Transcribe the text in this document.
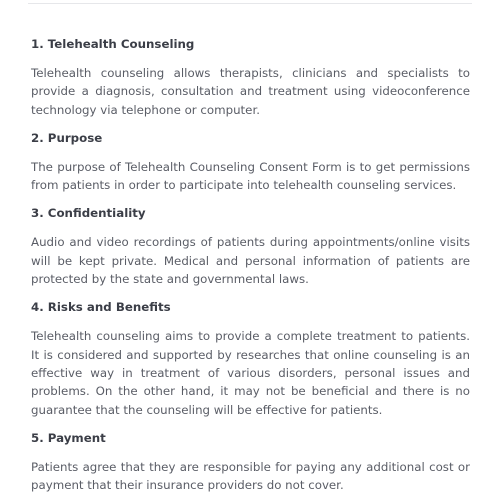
1. Telehealth Counseling

Telehealth counseling allows therapists, clinicians and specialists to provide a diagnosis, consultation and treatment using videoconference technology via telephone or computer.

2. Purpose

The purpose of Telehealth Counseling Consent Form is to get permissions from patients in order to participate into telehealth counseling services.

3. Confidentiality

Audio and video recordings of patients during appointments/online visits will be kept private. Medical and personal information of patients are protected by the state and governmental laws.

4. Risks and Benefits

Telehealth counseling aims to provide a complete treatment to patients. It is considered and supported by researches that online counseling is an effective way in treatment of various disorders, personal issues and problems. On the other hand, it may not be beneficial and there is no guarantee that the counseling will be effective for patients.

5. Payment

Patients agree that they are responsible for paying any additional cost or payment that their insurance providers do not cover.
